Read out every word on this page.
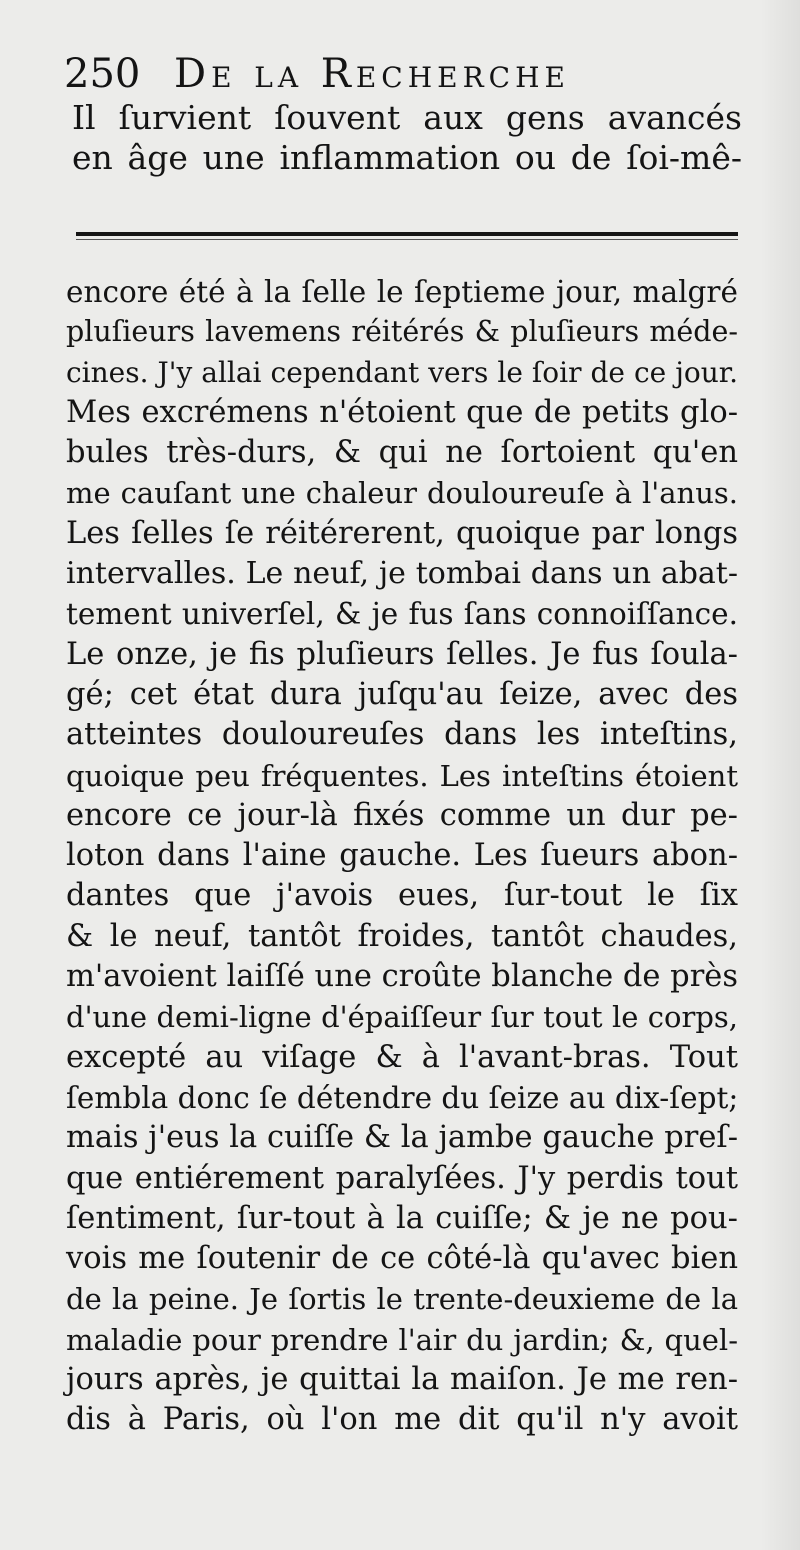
250 De la Recherche
Il ſurvient ſouvent aux gens avancés
en âge une inflammation ou de ſoi-mê-
encore été à la ſelle le ſeptieme jour, malgré
pluſieurs lavemens réitérés & pluſieurs méde-
cines. J'y allai cependant vers le ſoir de ce jour.
Mes excrémens n'étoient que de petits glo-
bules très-durs, & qui ne ſortoient qu'en
me cauſant une chaleur douloureuſe à l'anus.
Les ſelles ſe réitérerent, quoique par longs
intervalles. Le neuf, je tombai dans un abat-
tement univerſel, & je fus ſans connoiſſance.
Le onze, je fis pluſieurs ſelles. Je fus ſoula-
gé; cet état dura juſqu'au ſeize, avec des
atteintes douloureuſes dans les inteſtins,
quoique peu fréquentes. Les inteſtins étoient
encore ce jour-là fixés comme un dur pe-
loton dans l'aine gauche. Les ſueurs abon-
dantes que j'avois eues, ſur-tout le ſix
& le neuf, tantôt froides, tantôt chaudes,
m'avoient laiſſé une croûte blanche de près
d'une demi-ligne d'épaiſſeur ſur tout le corps,
excepté au viſage & à l'avant-bras. Tout
ſembla donc ſe détendre du ſeize au dix-ſept;
mais j'eus la cuiſſe & la jambe gauche preſ-
que entiérement paralyſées. J'y perdis tout
ſentiment, ſur-tout à la cuiſſe; & je ne pou-
vois me ſoutenir de ce côté-là qu'avec bien
de la peine. Je ſortis le trente-deuxieme de la
maladie pour prendre l'air du jardin; &, quel-
jours après, je quittai la maiſon. Je me ren-
dis à Paris, où l'on me dit qu'il n'y avoit
